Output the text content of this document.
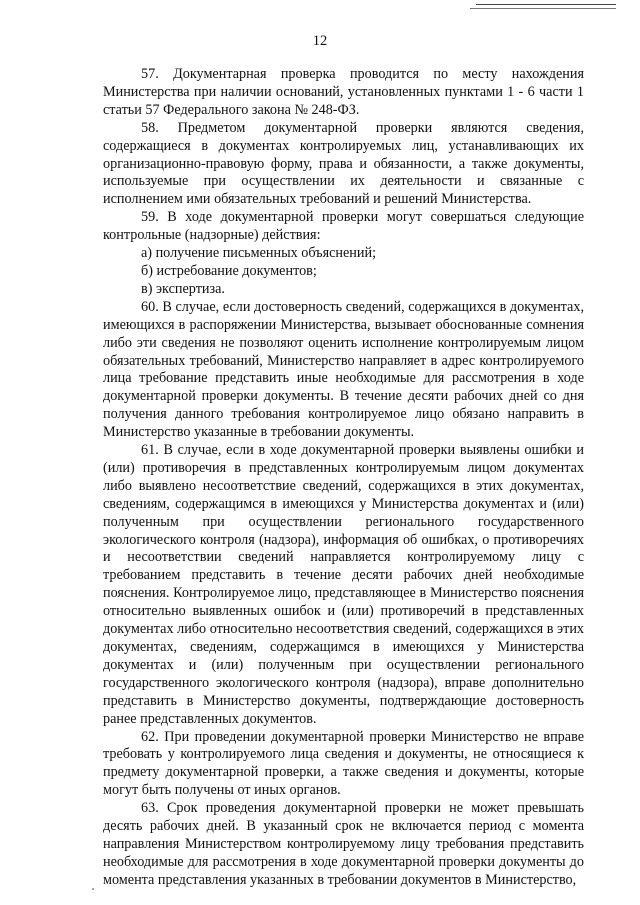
12

57. Документарная проверка проводится по месту нахождения Министерства при наличии оснований, установленных пунктами 1 - 6 части 1 статьи 57 Федерального закона № 248-ФЗ.

58. Предметом документарной проверки являются сведения, содержащиеся в документах контролируемых лиц, устанавливающих их организационно-правовую форму, права и обязанности, а также документы, используемые при осуществлении их деятельности и связанные с исполнением ими обязательных требований и решений Министерства.

59. В ходе документарной проверки могут совершаться следующие контрольные (надзорные) действия:

а) получение письменных объяснений;

б) истребование документов;

в) экспертиза.

60. В случае, если достоверность сведений, содержащихся в документах, имеющихся в распоряжении Министерства, вызывает обоснованные сомнения либо эти сведения не позволяют оценить исполнение контролируемым лицом обязательных требований, Министерство направляет в адрес контролируемого лица требование представить иные необходимые для рассмотрения в ходе документарной проверки документы. В течение десяти рабочих дней со дня получения данного требования контролируемое лицо обязано направить в Министерство указанные в требовании документы.

61. В случае, если в ходе документарной проверки выявлены ошибки и (или) противоречия в представленных контролируемым лицом документах либо выявлено несоответствие сведений, содержащихся в этих документах, сведениям, содержащимся в имеющихся у Министерства документах и (или) полученным при осуществлении регионального государственного экологического контроля (надзора), информация об ошибках, о противоречиях и несоответствии сведений направляется контролируемому лицу с требованием представить в течение десяти рабочих дней необходимые пояснения. Контролируемое лицо, представляющее в Министерство пояснения относительно выявленных ошибок и (или) противоречий в представленных документах либо относительно несоответствия сведений, содержащихся в этих документах, сведениям, содержащимся в имеющихся у Министерства документах и (или) полученным при осуществлении регионального государственного экологического контроля (надзора), вправе дополнительно представить в Министерство документы, подтверждающие достоверность ранее представленных документов.

62. При проведении документарной проверки Министерство не вправе требовать у контролируемого лица сведения и документы, не относящиеся к предмету документарной проверки, а также сведения и документы, которые могут быть получены от иных органов.

63. Срок проведения документарной проверки не может превышать десять рабочих дней. В указанный срок не включается период с момента направления Министерством контролируемому лицу требования представить необходимые для рассмотрения в ходе документарной проверки документы до момента представления указанных в требовании документов в Министерство,
